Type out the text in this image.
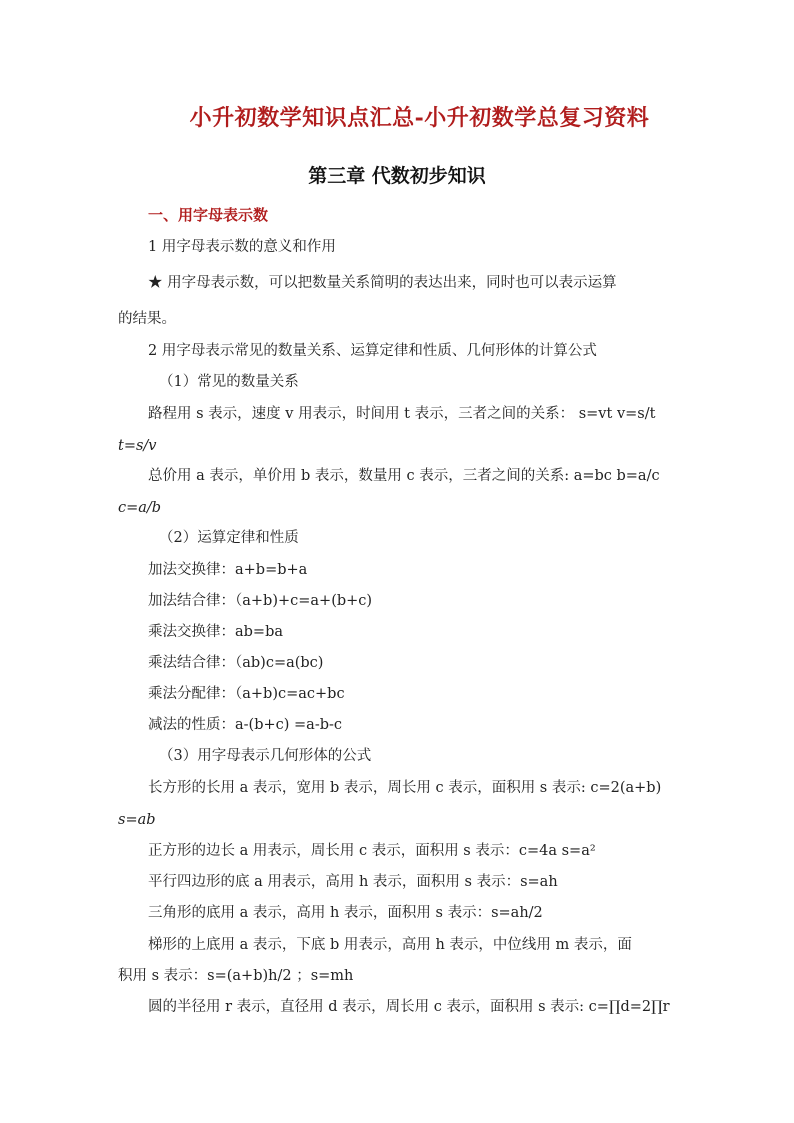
小升初数学知识点汇总-小升初数学总复习资料
第三章 代数初步知识
一、用字母表示数
1 用字母表示数的意义和作用
★ 用字母表示数，可以把数量关系简明的表达出来，同时也可以表示运算
的结果。
2 用字母表示常见的数量关系、运算定律和性质、几何形体的计算公式
（1）常见的数量关系
路程用 s 表示，速度 v 用表示，时间用 t 表示，三者之间的关系： s=vt v=s/t
t=s/v
总价用 a 表示，单价用 b 表示，数量用 c 表示，三者之间的关系: a=bc b=a/c
c=a/b
（2）运算定律和性质
加法交换律：a+b=b+a
加法结合律：（a+b)+c=a+(b+c)
乘法交换律：ab=ba
乘法结合律：（ab)c=a(bc)
乘法分配律：（a+b)c=ac+bc
减法的性质：a-(b+c) =a-b-c
（3）用字母表示几何形体的公式
长方形的长用 a 表示，宽用 b 表示，周长用 c 表示，面积用 s 表示: c=2(a+b)
s=ab
正方形的边长 a 用表示，周长用 c 表示，面积用 s 表示：c=4a s=a²
平行四边形的底 a 用表示，高用 h 表示，面积用 s 表示：s=ah
三角形的底用 a 表示，高用 h 表示，面积用 s 表示：s=ah/2
梯形的上底用 a 表示，下底 b 用表示，高用 h 表示，中位线用 m 表示，面
积用 s 表示：s=(a+b)h/2 ；s=mh
圆的半径用 r 表示，直径用 d 表示，周长用 c 表示，面积用 s 表示: c=∏d=2∏r
